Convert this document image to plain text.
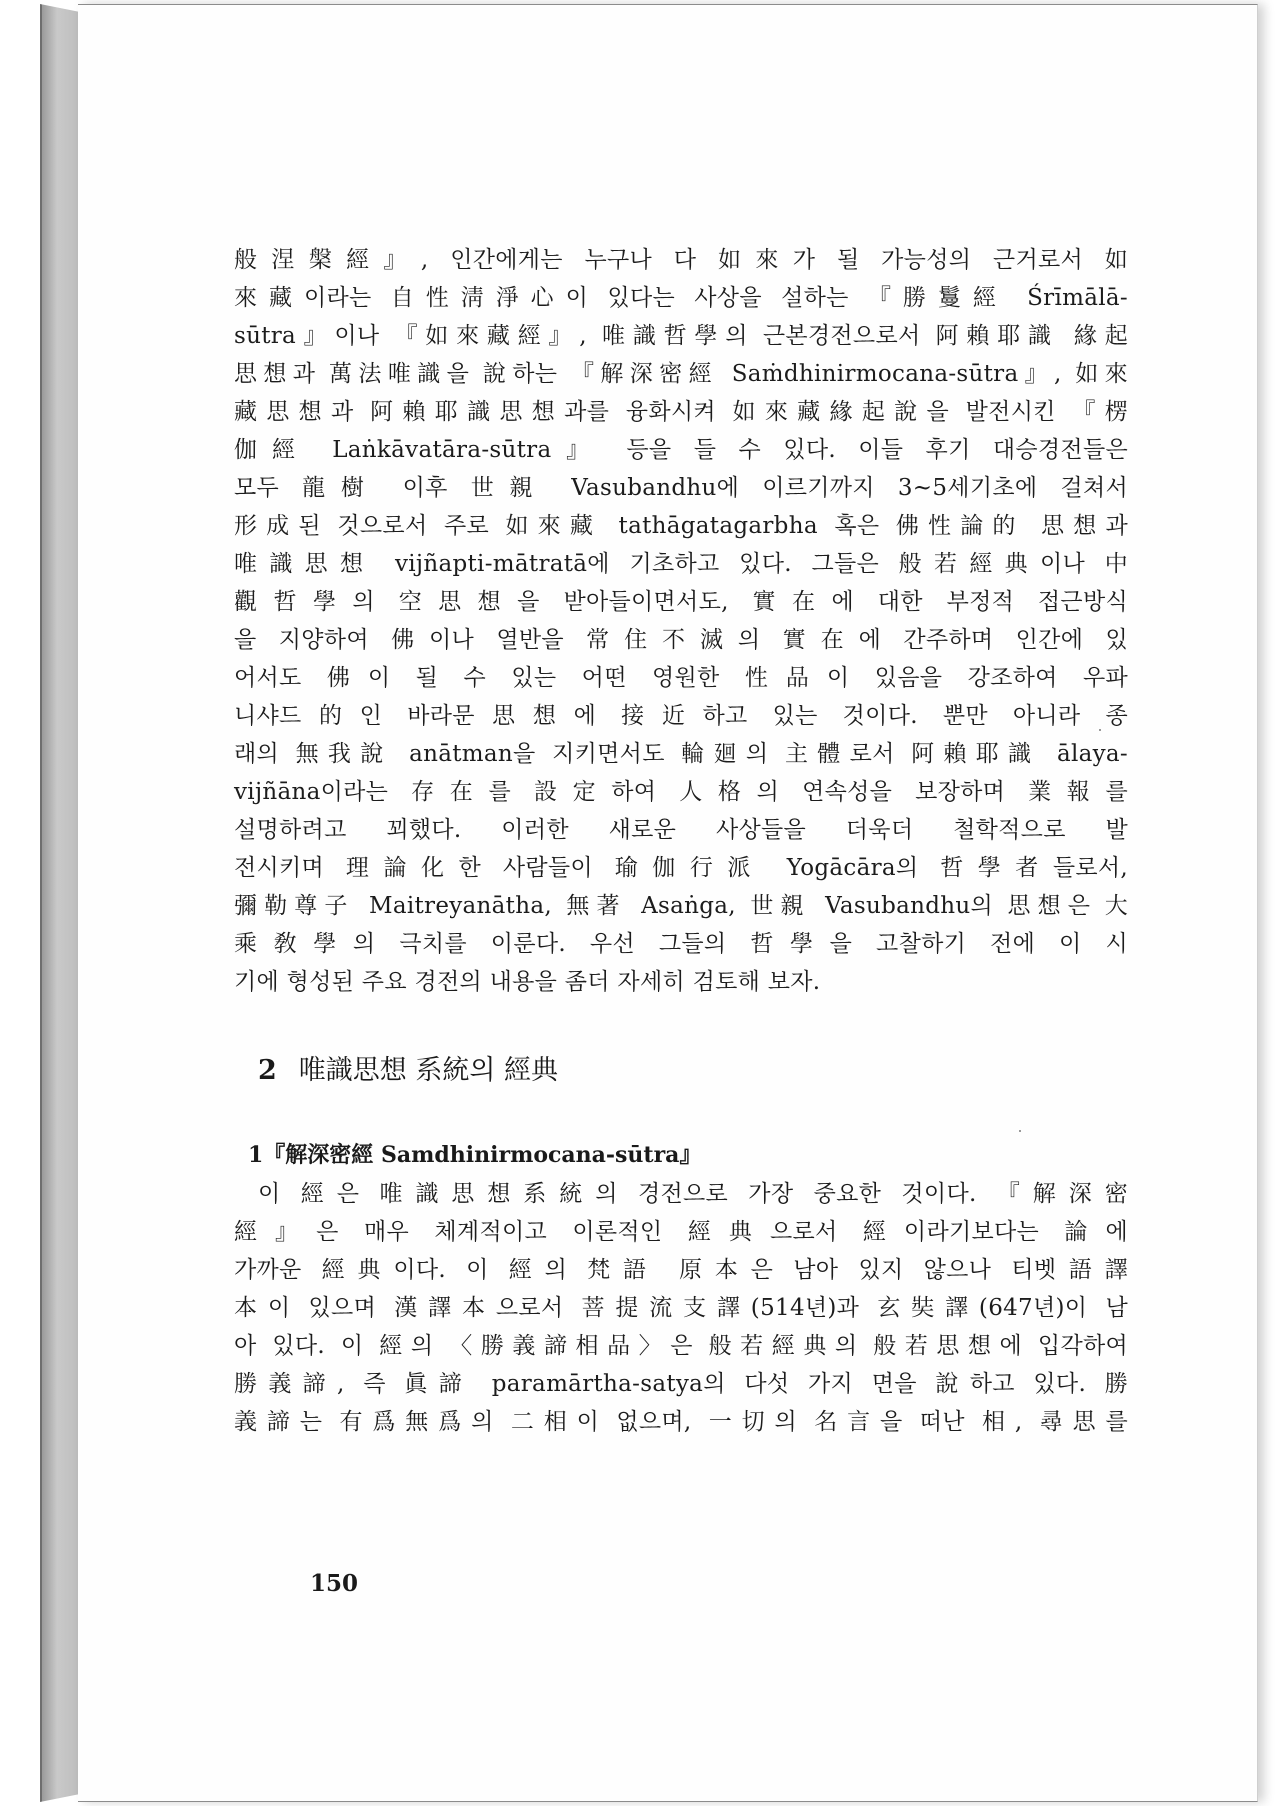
般涅槃經』, 인간에게는 누구나 다 如來가 될 가능성의 근거로서 如
來藏이라는 自性淸淨心이 있다는 사상을 설하는 『勝鬘經 Śrīmālā-
sūtra』이나 『如來藏經』, 唯識哲學의 근본경전으로서 阿賴耶識 緣起
思想과 萬法唯識을 說하는 『解深密經 Saṁdhinirmocana-sūtra』, 如來
藏思想과 阿賴耶識思想과를 융화시켜 如來藏緣起說을 발전시킨 『楞
伽經 Laṅkāvatāra-sūtra』 등을 들 수 있다. 이들 후기 대승경전들은
모두 龍樹 이후 世親 Vasubandhu에 이르기까지 3~5세기초에 걸쳐서
形成된 것으로서 주로 如來藏 tathāgatagarbha 혹은 佛性論的 思想과
唯識思想 vijñapti-mātratā에 기초하고 있다. 그들은 般若經典이나 中
觀哲學의 空思想을 받아들이면서도, 實在에 대한 부정적 접근방식
을 지양하여 佛이나 열반을 常住不滅의 實在에 간주하며 인간에 있
어서도 佛이 될 수 있는 어떤 영원한 性品이 있음을 강조하여 우파
니샤드的인 바라문思想에 接近하고 있는 것이다. 뿐만 아니라 종
래의 無我說 anātman을 지키면서도 輪廻의 主體로서 阿賴耶識 ālaya-
vijñāna이라는 存在를 設定하여 人格의 연속성을 보장하며 業報를
설명하려고 꾀했다. 이러한 새로운 사상들을 더욱더 철학적으로 발
전시키며 理論化한 사람들이 瑜伽行派 Yogācāra의 哲學者들로서,
彌勒尊子 Maitreyanātha, 無著 Asaṅga, 世親 Vasubandhu의 思想은 大
乘敎學의 극치를 이룬다. 우선 그들의 哲學을 고찰하기 전에 이 시
기에 형성된 주요 경전의 내용을 좀더 자세히 검토해 보자.
2 唯識思想 系統의 經典
1『解深密經 Samdhinirmocana-sūtra』
이 經은 唯識思想系統의 경전으로 가장 중요한 것이다. 『解深密
經』은 매우 체계적이고 이론적인 經典으로서 經이라기보다는 論에
가까운 經典이다. 이 經의 梵語 原本은 남아 있지 않으나 티벳語譯
本이 있으며 漢譯本으로서 菩提流支譯(514년)과 玄奘譯(647년)이 남
아 있다. 이 經의 〈勝義諦相品〉은 般若經典의 般若思想에 입각하여
勝義諦, 즉 眞諦 paramārtha-satya의 다섯 가지 면을 說하고 있다. 勝
義諦는 有爲無爲의 二相이 없으며, 一切의 名言을 떠난 相, 尋思를
150
